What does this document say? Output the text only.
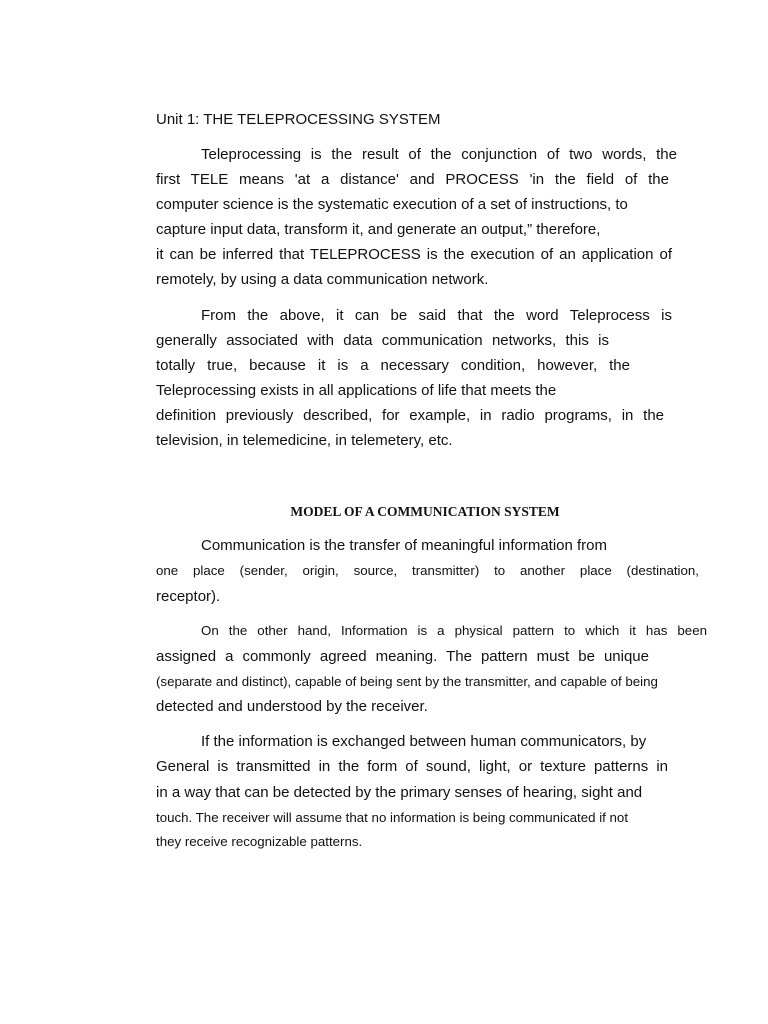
Unit 1: THE TELEPROCESSING SYSTEM
Teleprocessing is the result of the conjunction of two words, the
first TELE means 'at a distance' and PROCESS 'in the field of the
computer science is the systematic execution of a set of instructions, to
capture input data, transform it, and generate an output,” therefore,
it can be inferred that TELEPROCESS is the execution of an application of
remotely, by using a data communication network.
From the above, it can be said that the word Teleprocess is
generally associated with data communication networks, this is
totally true, because it is a necessary condition, however, the
Teleprocessing exists in all applications of life that meets the
definition previously described, for example, in radio programs, in the
television, in telemedicine, in telemetery, etc.
MODEL OF A COMMUNICATION SYSTEM
Communication is the transfer of meaningful information from
one place (sender, origin, source, transmitter) to another place (destination,
receptor).
On the other hand, Information is a physical pattern to which it has been
assigned a commonly agreed meaning. The pattern must be unique
(separate and distinct), capable of being sent by the transmitter, and capable of being
detected and understood by the receiver.
If the information is exchanged between human communicators, by
General is transmitted in the form of sound, light, or texture patterns in
in a way that can be detected by the primary senses of hearing, sight and
touch. The receiver will assume that no information is being communicated if not
they receive recognizable patterns.
